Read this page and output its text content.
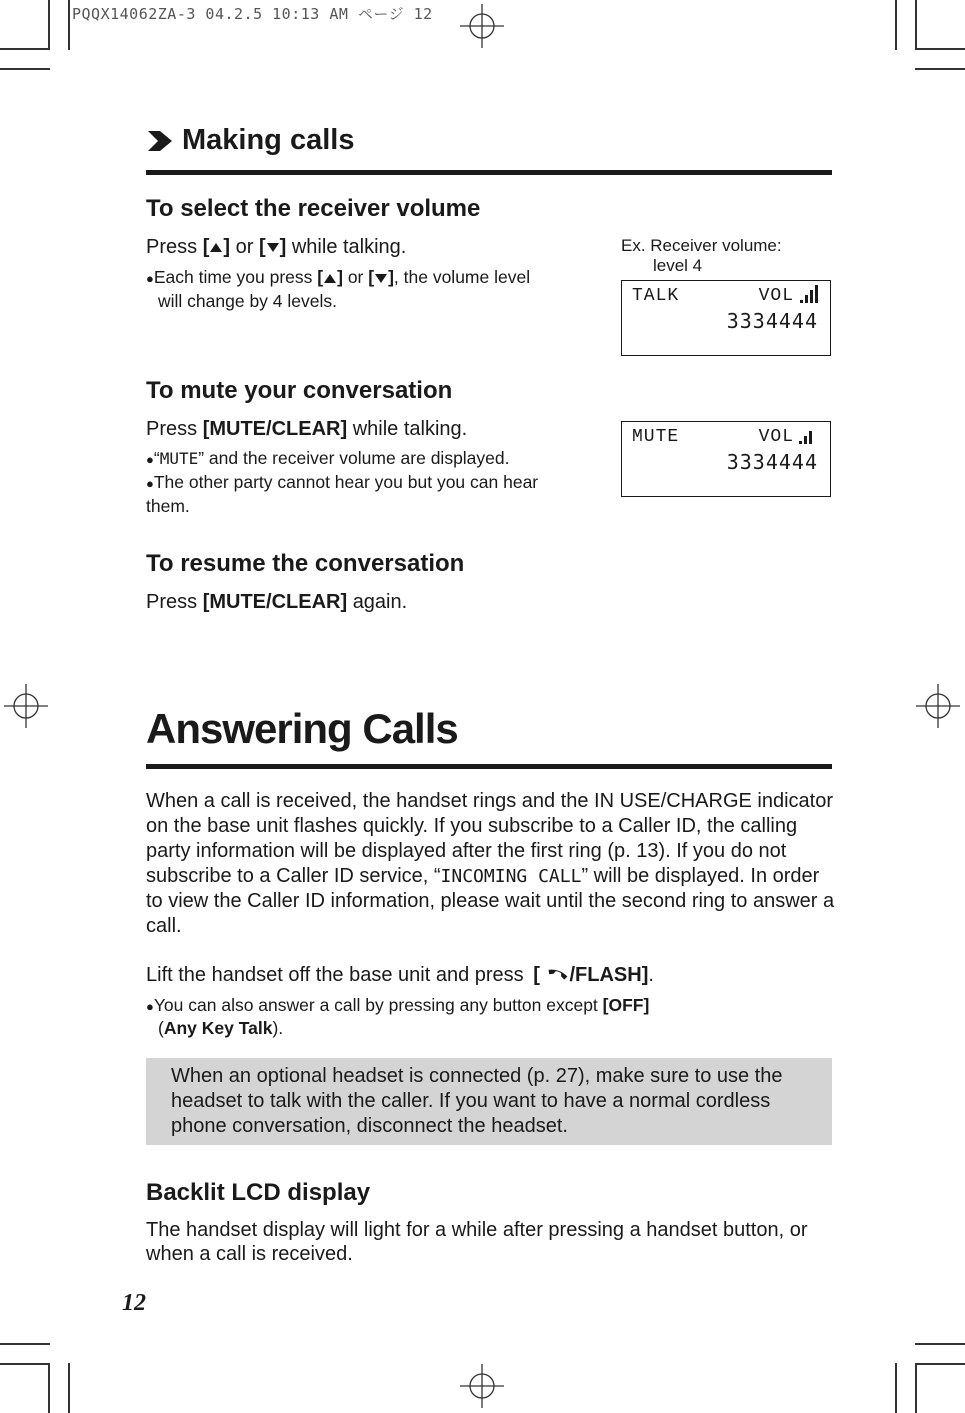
PQQX14062ZA-3 04.2.5 10:13 AM ページ 12
Making calls
To select the receiver volume
Press [ ] or [ ] while talking.
●Each time you press [ ] or [ ], the volume level
will change by 4 levels.
Ex. Receiver volume:
level 4
TALK	VOL
3334444
To mute your conversation
Press [MUTE/CLEAR] while talking.
●“MUTE” and the receiver volume are displayed.
●The other party cannot hear you but you can hear them.
MUTE	VOL
3334444
To resume the conversation
Press [MUTE/CLEAR] again.
Answering Calls
When a call is received, the handset rings and the IN USE/CHARGE indicator on the base unit flashes quickly. If you subscribe to a Caller ID, the calling party information will be displayed after the first ring (p. 13). If you do not subscribe to a Caller ID service, “INCOMING CALL” will be displayed. In order to view the Caller ID information, please wait until the second ring to answer a call.
Lift the handset off the base unit and press [ /FLASH].
●You can also answer a call by pressing any button except [OFF]
(Any Key Talk).
When an optional headset is connected (p. 27), make sure to use the headset to talk with the caller. If you want to have a normal cordless phone conversation, disconnect the headset.
Backlit LCD display
The handset display will light for a while after pressing a handset button, or when a call is received.
12
